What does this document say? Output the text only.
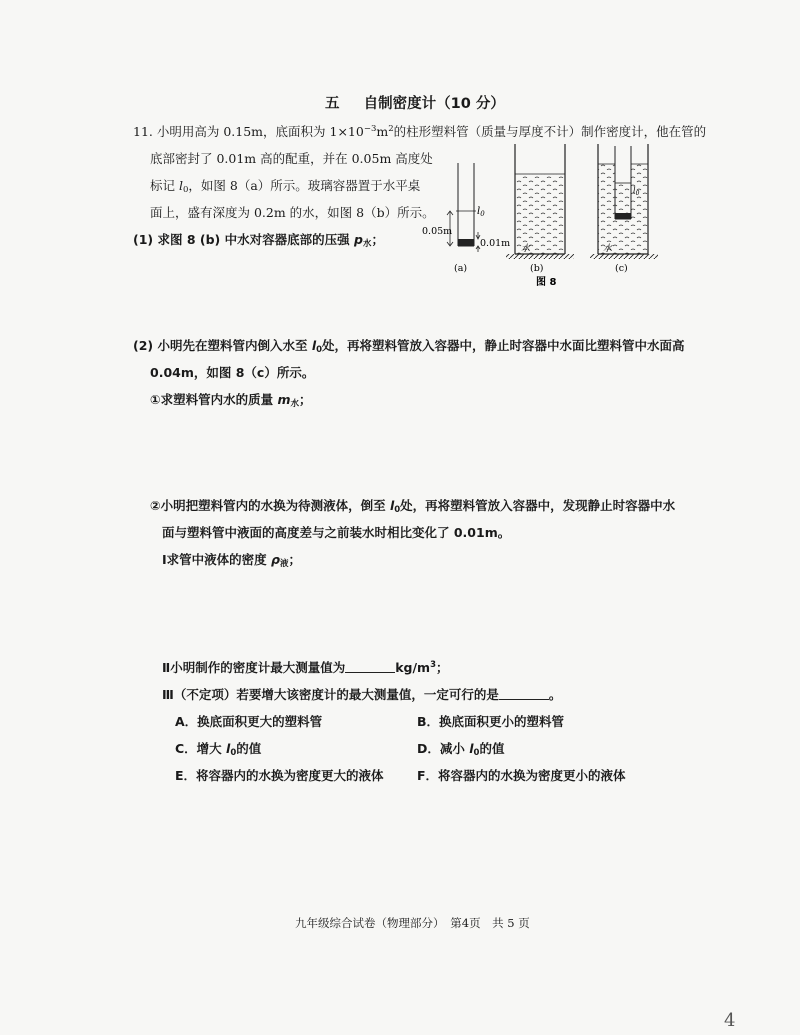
五 自制密度计（10 分）
11. 小明用高为 0.15m，底面积为 $1\times 10^{-3}m^2$的柱形塑料管（质量与厚度不计）制作密度计，他在管的
底部密封了 0.01m 高的配重，并在 0.05m 高度处
标记 $l_0$，如图 8（a）所示。玻璃容器置于水平桌
面上，盛有深度为 0.2m 的水，如图 8（b）所示。
(1) 求图 8 (b) 中水对容器底部的压强 $p_水$；
0.05m
0.01m
$l_0$
(a)
水
(b)
$l_0$
水
(c)
图 8
(2) 小明先在塑料管内倒入水至 $l_0$处，再将塑料管放入容器中，静止时容器中水面比塑料管中水面高
0.04m，如图 8（c）所示。
①求塑料管内水的质量 $m_水$；
②小明把塑料管内的水换为待测液体，倒至 $l_0$处，再将塑料管放入容器中，发现静止时容器中水
面与塑料管中液面的高度差与之前装水时相比变化了 0.01m。
Ⅰ求管中液体的密度 $\rho_液$；
Ⅱ小明制作的密度计最大测量值为	$kg/m^3$；
Ⅲ（不定项）若要增大该密度计的最大测量值，一定可行的是	。
A．换底面积更大的塑料管	B．换底面积更小的塑料管
C．增大 $l_0$的值	D．减小 $l_0$的值
E．将容器内的水换为密度更大的液体	F．将容器内的水换为密度更小的液体
九年级综合试卷（物理部分）　第4页　共 5 页
4
